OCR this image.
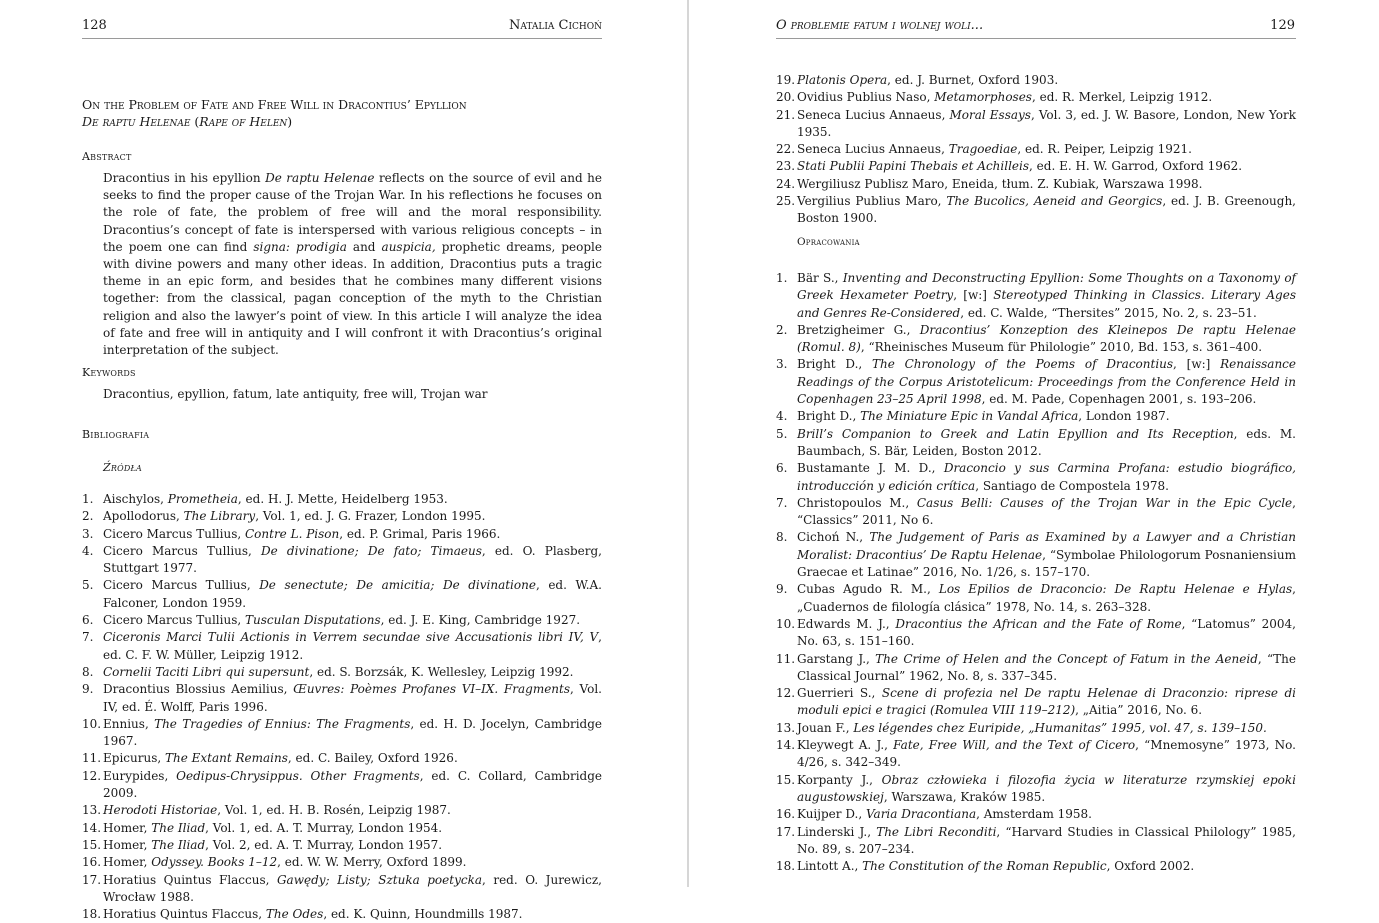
128	Natalia Cichoń
On the Problem of Fate and Free Will in Dracontius’ Epyllion
De raptu Helenae (Rape of Helen)
Abstract
Dracontius in his epyllion De raptu Helenae reflects on the source of evil and he seeks to find the proper cause of the Trojan War. In his reflections he focuses on the role of fate, the problem of free will and the moral responsibility. Dracontius’s concept of fate is interspersed with various religious concepts – in the poem one can find signa: prodigia and auspicia, prophetic dreams, people with divine powers and many other ideas. In addition, Dracontius puts a tragic theme in an epic form, and besides that he combines many different visions together: from the classical, pagan conception of the myth to the Christian religion and also the lawyer’s point of view. In this article I will analyze the idea of fate and free will in antiquity and I will confront it with Dracontius’s original interpretation of the subject.
Keywords
Dracontius, epyllion, fatum, late antiquity, free will, Trojan war
Bibliografia
Źródła
1. Aischylos, Prometheia, ed. H. J. Mette, Heidelberg 1953.
2. Apollodorus, The Library, Vol. 1, ed. J. G. Frazer, London 1995.
3. Cicero Marcus Tullius, Contre L. Pison, ed. P. Grimal, Paris 1966.
4. Cicero Marcus Tullius, De divinatione; De fato; Timaeus, ed. O. Plasberg, Stuttgart 1977.
5. Cicero Marcus Tullius, De senectute; De amicitia; De divinatione, ed. W.A. Falconer, London 1959.
6. Cicero Marcus Tullius, Tusculan Disputations, ed. J. E. King, Cambridge 1927.
7. Ciceronis Marci Tulii Actionis in Verrem secundae sive Accusationis libri IV, V, ed. C. F. W. Müller, Leipzig 1912.
8. Cornelii Taciti Libri qui supersunt, ed. S. Borzsák, K. Wellesley, Leipzig 1992.
9. Dracontius Blossius Aemilius, Œuvres: Poèmes Profanes VI–IX. Fragments, Vol. IV, ed. É. Wolff, Paris 1996.
10. Ennius, The Tragedies of Ennius: The Fragments, ed. H. D. Jocelyn, Cambridge 1967.
11. Epicurus, The Extant Remains, ed. C. Bailey, Oxford 1926.
12. Eurypides, Oedipus-Chrysippus. Other Fragments, ed. C. Collard, Cambridge 2009.
13. Herodoti Historiae, Vol. 1, ed. H. B. Rosén, Leipzig 1987.
14. Homer, The Iliad, Vol. 1, ed. A. T. Murray, London 1954.
15. Homer, The Iliad, Vol. 2, ed. A. T. Murray, London 1957.
16. Homer, Odyssey. Books 1–12, ed. W. W. Merry, Oxford 1899.
17. Horatius Quintus Flaccus, Gawędy; Listy; Sztuka poetycka, red. O. Jurewicz, Wrocław 1988.
18. Horatius Quintus Flaccus, The Odes, ed. K. Quinn, Houndmills 1987.
O problemie fatum i wolnej woli...	129
19. Platonis Opera, ed. J. Burnet, Oxford 1903.
20. Ovidius Publius Naso, Metamorphoses, ed. R. Merkel, Leipzig 1912.
21. Seneca Lucius Annaeus, Moral Essays, Vol. 3, ed. J. W. Basore, London, New York 1935.
22. Seneca Lucius Annaeus, Tragoediae, ed. R. Peiper, Leipzig 1921.
23. Stati Publii Papini Thebais et Achilleis, ed. E. H. W. Garrod, Oxford 1962.
24. Wergiliusz Publisz Maro, Eneida, tłum. Z. Kubiak, Warszawa 1998.
25. Vergilius Publius Maro, The Bucolics, Aeneid and Georgics, ed. J. B. Greenough, Boston 1900.
Opracowania
1. Bär S., Inventing and Deconstructing Epyllion: Some Thoughts on a Taxonomy of Greek Hexameter Poetry, [w:] Stereotyped Thinking in Classics. Literary Ages and Genres Re-Considered, ed. C. Walde, “Thersites” 2015, No. 2, s. 23–51.
2. Bretzigheimer G., Dracontius’ Konzeption des Kleinepos De raptu Helenae (Romul. 8), “Rheinisches Museum für Philologie” 2010, Bd. 153, s. 361–400.
3. Bright D., The Chronology of the Poems of Dracontius, [w:] Renaissance Readings of the Corpus Aristotelicum: Proceedings from the Conference Held in Copenhagen 23–25 April 1998, ed. M. Pade, Copenhagen 2001, s. 193–206.
4. Bright D., The Miniature Epic in Vandal Africa, London 1987.
5. Brill’s Companion to Greek and Latin Epyllion and Its Reception, eds. M. Baumbach, S. Bär, Leiden, Boston 2012.
6. Bustamante J. M. D., Draconcio y sus Carmina Profana: estudio biográfico, introducción y edición crítica, Santiago de Compostela 1978.
7. Christopoulos M., Casus Belli: Causes of the Trojan War in the Epic Cycle, “Classics” 2011, No 6.
8. Cichoń N., The Judgement of Paris as Examined by a Lawyer and a Christian Moralist: Dracontius’ De Raptu Helenae, “Symbolae Philologorum Posnaniensium Graecae et Latinae” 2016, No. 1/26, s. 157–170.
9. Cubas Agudo R. M., Los Epilios de Draconcio: De Raptu Helenae e Hylas, „Cuadernos de filología clásica” 1978, No. 14, s. 263–328.
10. Edwards M. J., Dracontius the African and the Fate of Rome, “Latomus” 2004, No. 63, s. 151–160.
11. Garstang J., The Crime of Helen and the Concept of Fatum in the Aeneid, “The Classical Journal” 1962, No. 8, s. 337–345.
12. Guerrieri S., Scene di profezia nel De raptu Helenae di Draconzio: riprese di moduli epici e tragici (Romulea VIII 119–212), „Aitia” 2016, No. 6.
13. Jouan F., Les légendes chez Euripide, „Humanitas” 1995, vol. 47, s. 139–150.
14. Kleywegt A. J., Fate, Free Will, and the Text of Cicero, “Mnemosyne” 1973, No. 4/26, s. 342–349.
15. Korpanty J., Obraz człowieka i filozofia życia w literaturze rzymskiej epoki augustowskiej, Warszawa, Kraków 1985.
16. Kuijper D., Varia Dracontiana, Amsterdam 1958.
17. Linderski J., The Libri Reconditi, “Harvard Studies in Classical Philology” 1985, No. 89, s. 207–234.
18. Lintott A., The Constitution of the Roman Republic, Oxford 2002.
